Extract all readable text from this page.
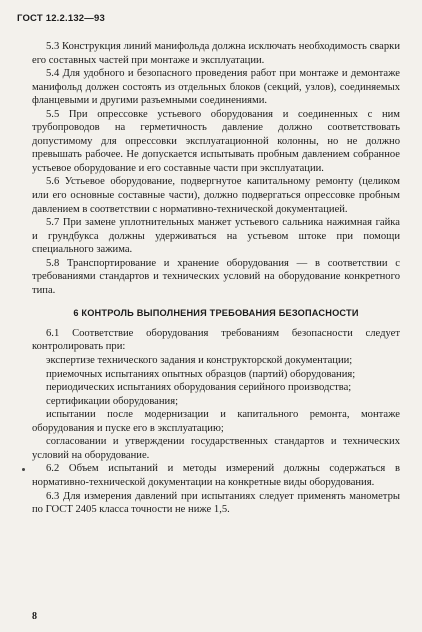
ГОСТ 12.2.132—93

5.3 Конструкция линий манифольда должна исключать необходимость сварки его составных частей при монтаже и эксплуатации.

5.4 Для удобного и безопасного проведения работ при монтаже и демонтаже манифольд должен состоять из отдельных блоков (секций, узлов), соединяемых фланцевыми и другими разъемными соединениями.

5.5 При опрессовке устьевого оборудования и соединенных с ним трубопроводов на герметичность давление должно соответствовать допустимому для опрессовки эксплуатационной колонны, но не должно превышать рабочее. Не допускается испытывать пробным давлением собранное устьевое оборудование и его составные части при эксплуатации.

5.6 Устьевое оборудование, подвергнутое капитальному ремонту (целиком или его основные составные части), должно подвергаться опрессовке пробным давлением в соответствии с нормативно-технической документацией.

5.7 При замене уплотнительных манжет устьевого сальника нажимная гайка и грундбукса должны удерживаться на устьевом штоке при помощи специального зажима.

5.8 Транспортирование и хранение оборудования — в соответствии с требованиями стандартов и технических условий на оборудование конкретного типа.

6 КОНТРОЛЬ ВЫПОЛНЕНИЯ ТРЕБОВАНИЯ БЕЗОПАСНОСТИ

6.1 Соответствие оборудования требованиям безопасности следует контролировать при:

экспертизе технического задания и конструкторской документации;

приемочных испытаниях опытных образцов (партий) оборудования;

периодических испытаниях оборудования серийного производства;

сертификации оборудования;

испытании после модернизации и капитального ремонта, монтаже оборудования и пуске его в эксплуатацию;

согласовании и утверждении государственных стандартов и технических условий на оборудование.

6.2 Объем испытаний и методы измерений должны содержаться в нормативно-технической документации на конкретные виды оборудования.

6.3 Для измерения давлений при испытаниях следует применять манометры по ГОСТ 2405 класса точности не ниже 1,5.

8
